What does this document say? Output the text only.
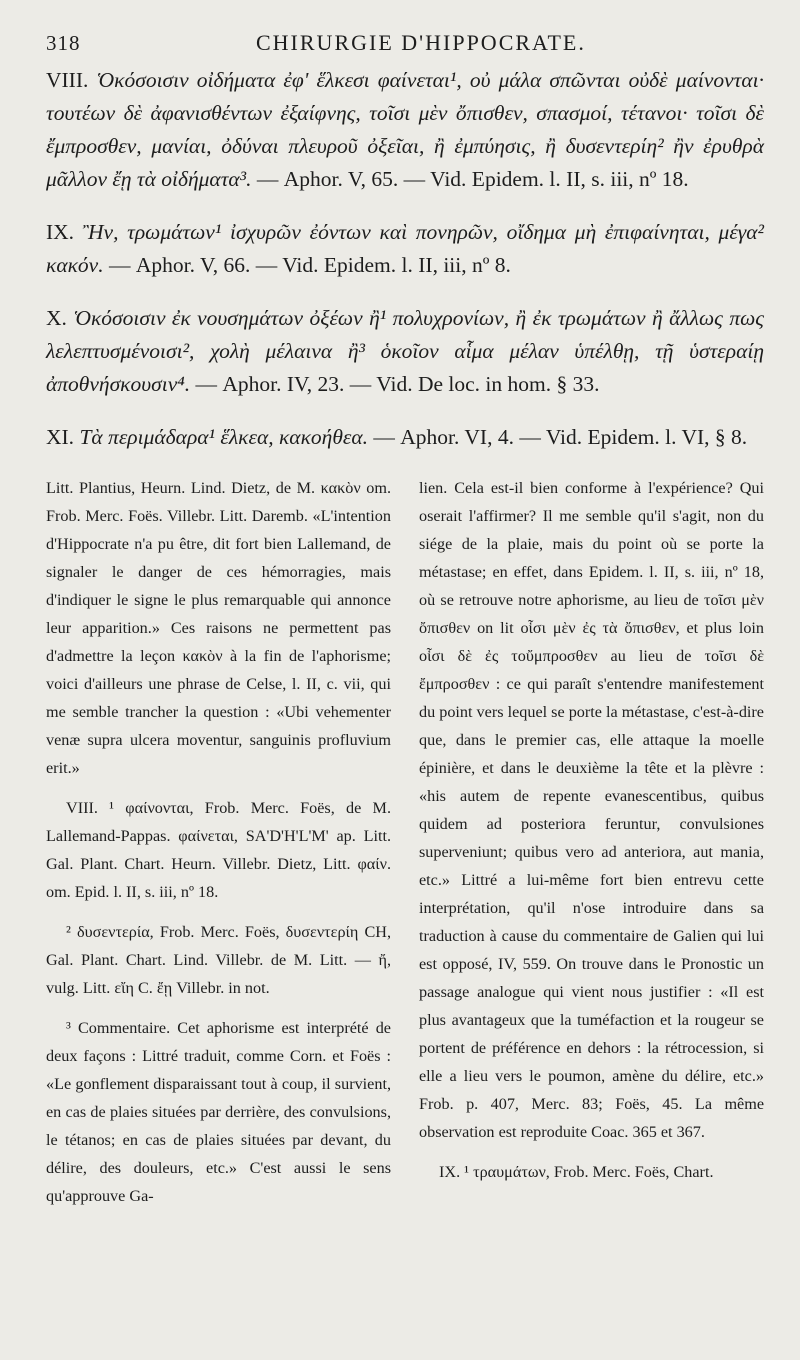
318	CHIRURGIE D'HIPPOCRATE.
VIII. Ὁκόσοισιν οἰδήματα ἐφ' ἕλκεσι φαίνεται¹, οὐ μάλα σπῶνται οὐδὲ μαίνονται· τουτέων δὲ ἀφανισθέντων ἐξαίφνης, τοῖσι μὲν ὄπισθεν, σπασμοί, τέτανοι· τοῖσι δὲ ἔμπροσθεν, μανίαι, ὀδύναι πλευροῦ ὀξεῖαι, ἢ ἐμπύησις, ἢ δυσεντερίη² ἢν ἐρυθρὰ μᾶλλον ἔῃ τὰ οἰδήματα³. — Aphor. V, 65. — Vid. Epidem. l. II, s. iii, nº 18.
IX. Ἢν, τρωμάτων¹ ἰσχυρῶν ἐόντων καὶ πονηρῶν, οἴδημα μὴ ἐπιφαίνηται, μέγα² κακόν. — Aphor. V, 66. — Vid. Epidem. l. II, iii, nº 8.
X. Ὁκόσοισιν ἐκ νουσημάτων ὀξέων ἢ¹ πολυχρονίων, ἢ ἐκ τρωμάτων ἢ ἄλλως πως λελεπτυσμένοισι², χολὴ μέλαινα ἢ³ ὁκοῖον αἷμα μέλαν ὑπέλθῃ, τῇ ὑστεραίῃ ἀποθνήσκουσιν⁴. — Aphor. IV, 23. — Vid. De loc. in hom. § 33.
XI. Τὰ περιμάδαρα¹ ἕλκεα, κακοήθεα. — Aphor. VI, 4. — Vid. Epidem. l. VI, § 8.

Litt. Plantius, Heurn. Lind. Dietz, de M. κακὸν om. Frob. Merc. Foës. Villebr. Litt. Daremb. «L'intention d'Hippocrate n'a pu être, dit fort bien Lallemand, de signaler le danger de ces hémorragies, mais d'indiquer le signe le plus remarquable qui annonce leur apparition.» Ces raisons ne permettent pas d'admettre la leçon κακὸν à la fin de l'aphorisme; voici d'ailleurs une phrase de Celse, l. II, c. vii, qui me semble trancher la question : «Ubi vehementer venæ supra ulcera moventur, sanguinis profluvium erit.»

VIII. ¹ φαίνονται, Frob. Merc. Foës, de M. Lallemand-Pappas. φαίνεται, SA'D'H'L'M' ap. Litt. Gal. Plant. Chart. Heurn. Villebr. Dietz, Litt. φαίν. om. Epid. l. II, s. iii, nº 18.

² δυσεντερία, Frob. Merc. Foës, δυσεντερίη CH, Gal. Plant. Chart. Lind. Villebr. de M. Litt. — ἤ, vulg. Litt. εἴη C. ἔῃ Villebr. in not.

³ Commentaire. Cet aphorisme est interprété de deux façons : Littré traduit, comme Corn. et Foës : «Le gonflement disparaissant tout à coup, il survient, en cas de plaies situées par derrière, des convulsions, le tétanos; en cas de plaies situées par devant, du délire, des douleurs, etc.» C'est aussi le sens qu'approuve Ga-

lien. Cela est-il bien conforme à l'expérience? Qui oserait l'affirmer? Il me semble qu'il s'agit, non du siége de la plaie, mais du point où se porte la métastase; en effet, dans Epidem. l. II, s. iii, nº 18, où se retrouve notre aphorisme, au lieu de τοῖσι μὲν ὄπισθεν on lit οἷσι μὲν ἐς τὰ ὄπισθεν, et plus loin οἷσι δὲ ἐς τοὔμπροσθεν au lieu de τοῖσι δὲ ἔμπροσθεν : ce qui paraît s'entendre manifestement du point vers lequel se porte la métastase, c'est-à-dire que, dans le premier cas, elle attaque la moelle épinière, et dans le deuxième la tête et la plèvre : «his autem de repente evanescentibus, quibus quidem ad posteriora feruntur, convulsiones superveniunt; quibus vero ad anteriora, aut mania, etc.» Littré a lui-même fort bien entrevu cette interprétation, qu'il n'ose introduire dans sa traduction à cause du commentaire de Galien qui lui est opposé, IV, 559. On trouve dans le Pronostic un passage analogue qui vient nous justifier : «Il est plus avantageux que la tuméfaction et la rougeur se portent de préférence en dehors : la rétrocession, si elle a lieu vers le poumon, amène du délire, etc.» Frob. p. 407, Merc. 83; Foës, 45. La même observation est reproduite Coac. 365 et 367.

IX. ¹ τραυμάτων, Frob. Merc. Foës, Chart.
